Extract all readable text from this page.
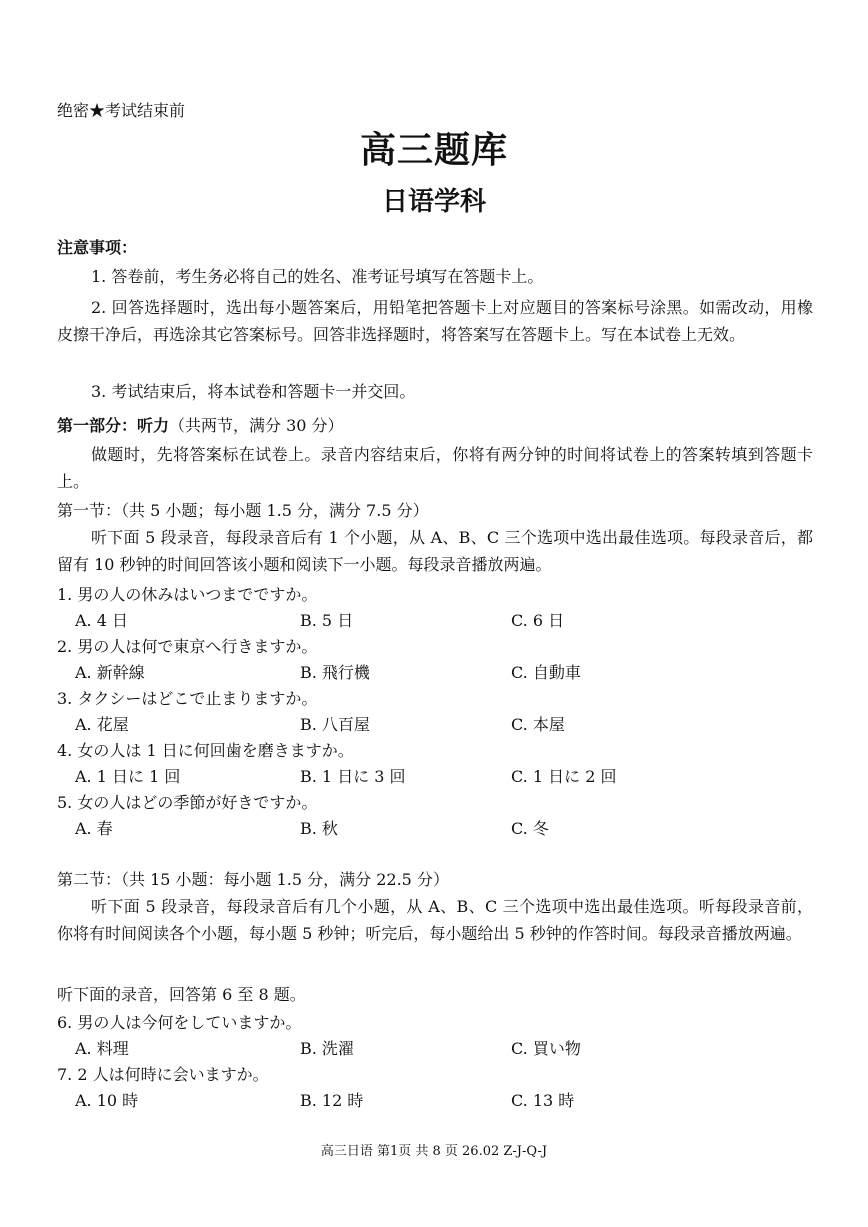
绝密★考试结束前
高三题库
日语学科
注意事项：
1. 答卷前，考生务必将自己的姓名、准考证号填写在答题卡上。
2. 回答选择题时，选出每小题答案后，用铅笔把答题卡上对应题目的答案标号涂黑。如需改动，用橡皮擦干净后，再选涂其它答案标号。回答非选择题时，将答案写在答题卡上。写在本试卷上无效。
3. 考试结束后，将本试卷和答题卡一并交回。
第一部分：听力（共两节，满分 30 分）
做题时，先将答案标在试卷上。录音内容结束后，你将有两分钟的时间将试卷上的答案转填到答题卡上。
第一节：（共 5 小题；每小题 1.5 分，满分 7.5 分）
听下面 5 段录音，每段录音后有 1 个小题，从 A、B、C 三个选项中选出最佳选项。每段录音后，都留有 10 秒钟的时间回答该小题和阅读下一小题。每段录音播放两遍。
1. 男の人の休みはいつまでですか。
A. 4 日	B. 5 日	C. 6 日
2. 男の人は何で東京へ行きますか。
A. 新幹線	B. 飛行機	C. 自動車
3. タクシーはどこで止まりますか。
A. 花屋	B. 八百屋	C. 本屋
4. 女の人は 1 日に何回歯を磨きますか。
A. 1 日に 1 回	B. 1 日に 3 回	C. 1 日に 2 回
5. 女の人はどの季節が好きですか。
A. 春	B. 秋	C. 冬
第二节：（共 15 小题：每小题 1.5 分，满分 22.5 分）
听下面 5 段录音，每段录音后有几个小题，从 A、B、C 三个选项中选出最佳选项。听每段录音前，你将有时间阅读各个小题，每小题 5 秒钟；听完后，每小题给出 5 秒钟的作答时间。每段录音播放两遍。
听下面的录音，回答第 6 至 8 题。
6. 男の人は今何をしていますか。
A. 料理	B. 洗濯	C. 買い物
7. 2 人は何時に会いますか。
A. 10 時	B. 12 時	C. 13 時
高三日语 第1页 共 8 页 26.02 Z-J-Q-J
